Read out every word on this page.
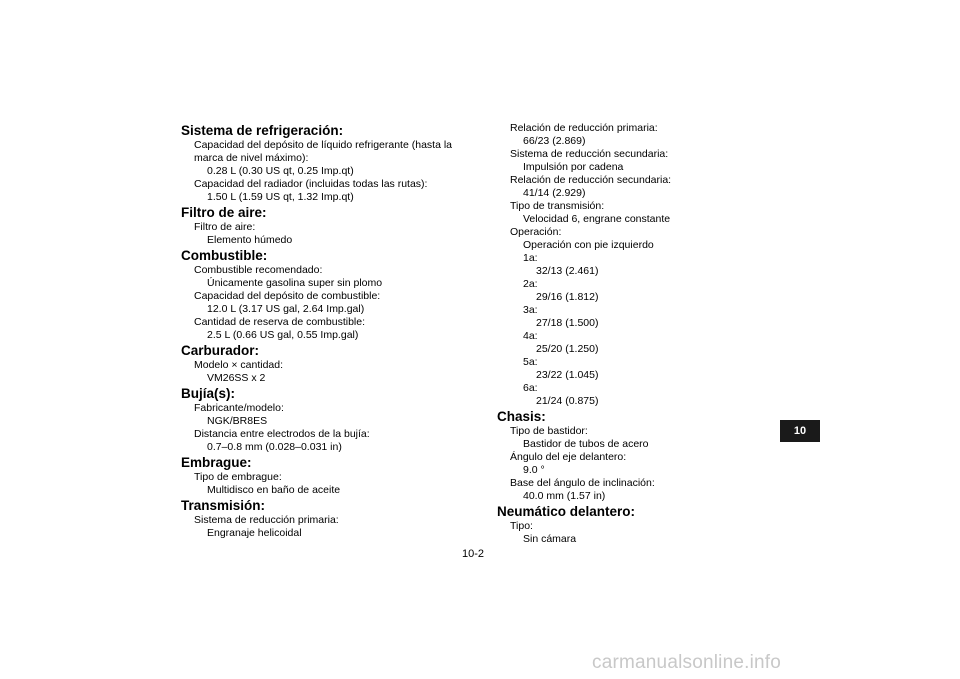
Sistema de refrigeración:
Capacidad del depósito de líquido refrigerante (hasta la marca de nivel máximo):
0.28 L (0.30 US qt, 0.25 Imp.qt)
Capacidad del radiador (incluidas todas las rutas):
1.50 L (1.59 US qt, 1.32 Imp.qt)
Filtro de aire:
Filtro de aire:
Elemento húmedo
Combustible:
Combustible recomendado:
Únicamente gasolina super sin plomo
Capacidad del depósito de combustible:
12.0 L (3.17 US gal, 2.64 Imp.gal)
Cantidad de reserva de combustible:
2.5 L (0.66 US gal, 0.55 Imp.gal)
Carburador:
Modelo × cantidad:
VM26SS x 2
Bujía(s):
Fabricante/modelo:
NGK/BR8ES
Distancia entre electrodos de la bujía:
0.7–0.8 mm (0.028–0.031 in)
Embrague:
Tipo de embrague:
Multidisco en baño de aceite
Transmisión:
Sistema de reducción primaria:
Engranaje helicoidal
Relación de reducción primaria:
66/23 (2.869)
Sistema de reducción secundaria:
Impulsión por cadena
Relación de reducción secundaria:
41/14 (2.929)
Tipo de transmisión:
Velocidad 6, engrane constante
Operación:
Operación con pie izquierdo
1a:
32/13 (2.461)
2a:
29/16 (1.812)
3a:
27/18 (1.500)
4a:
25/20 (1.250)
5a:
23/22 (1.045)
6a:
21/24 (0.875)
Chasis:
Tipo de bastidor:
Bastidor de tubos de acero
Ángulo del eje delantero:
9.0 °
Base del ángulo de inclinación:
40.0 mm (1.57 in)
Neumático delantero:
Tipo:
Sin cámara
10-2
10
carmanualsonline.info
